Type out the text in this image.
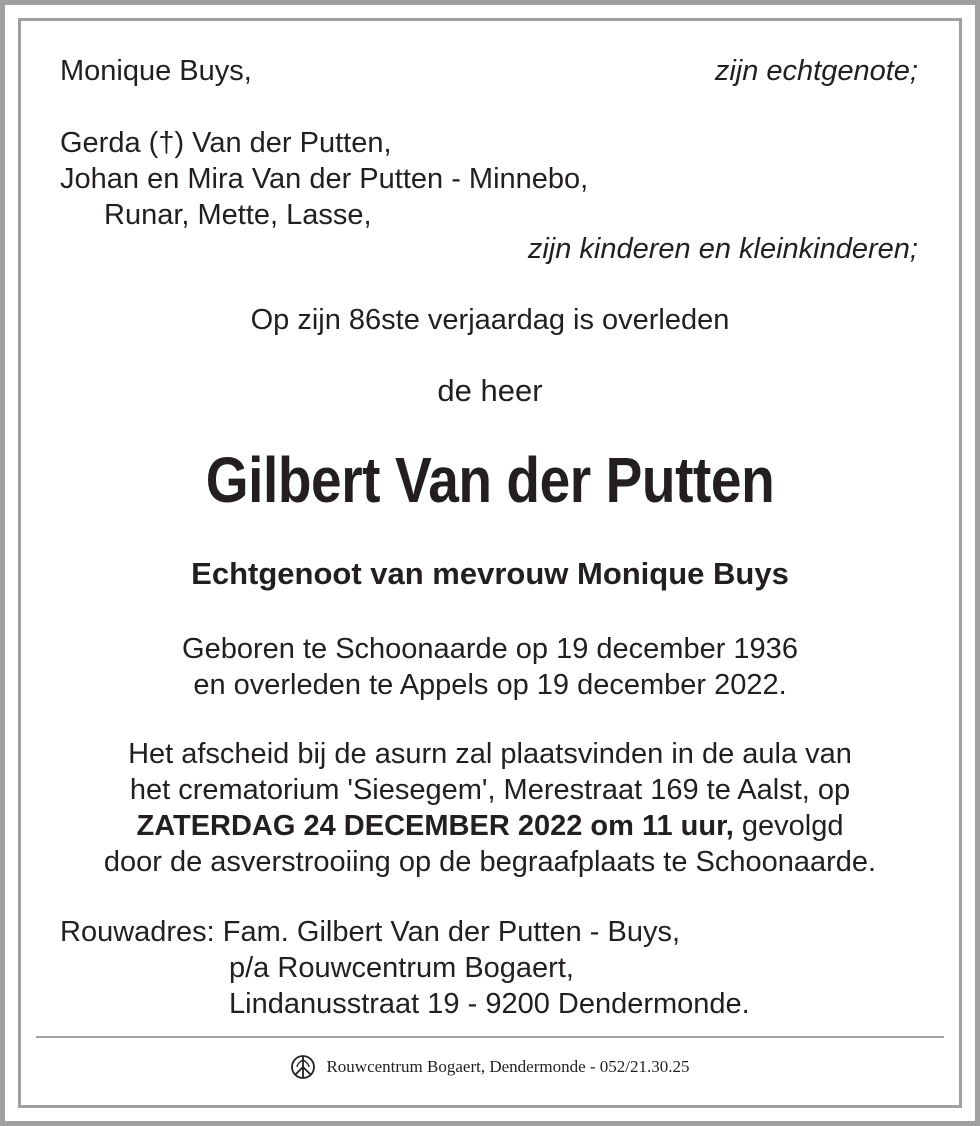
Monique Buys,	zijn echtgenote;
Gerda (†) Van der Putten,
Johan en Mira Van der Putten - Minnebo,
Runar, Mette, Lasse,
zijn kinderen en kleinkinderen;
Op zijn 86ste verjaardag is overleden
de heer
Gilbert Van der Putten
Echtgenoot van mevrouw Monique Buys
Geboren te Schoonaarde op 19 december 1936
en overleden te Appels op 19 december 2022.
Het afscheid bij de asurn zal plaatsvinden in de aula van
het crematorium 'Siesegem', Merestraat 169 te Aalst, op
ZATERDAG 24 DECEMBER 2022 om 11 uur, gevolgd
door de asverstrooiing op de begraafplaats te Schoonaarde.
Rouwadres: Fam. Gilbert Van der Putten - Buys,
p/a Rouwcentrum Bogaert,
Lindanusstraat 19 - 9200 Dendermonde.
Rouwcentrum Bogaert, Dendermonde - 052/21.30.25
